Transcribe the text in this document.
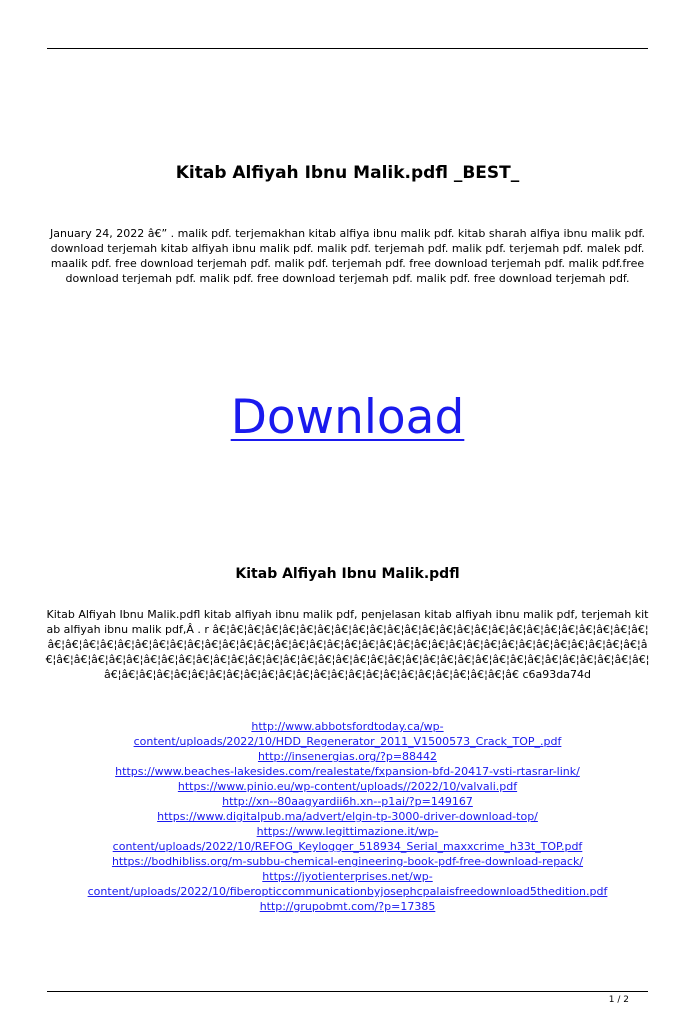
Kitab Alfiyah Ibnu Malik.pdfl _BEST_
January 24, 2022 â€” . malik pdf. terjemakhan kitab alfiya ibnu malik pdf. kitab sharah alfiya ibnu malik pdf. download terjemah kitab alfiyah ibnu malik pdf. malik pdf. terjemah pdf. malik pdf. terjemah pdf. malek pdf. maalik pdf. free download terjemah pdf. malik pdf. terjemah pdf. free download terjemah pdf. malik pdf.free download terjemah pdf. malik pdf. free download terjemah pdf. malik pdf. free download terjemah pdf.
Download
Kitab Alfiyah Ibnu Malik.pdfl
Kitab Alfiyah Ibnu Malik.pdfl kitab alfiyah ibnu malik pdf, penjelasan kitab alfiyah ibnu malik pdf, terjemah kitab alfiyah ibnu malik pdf,Â . r â€¦â€¦â€¦â€¦â€¦â€¦â€¦â€¦â€¦â€¦â€¦â€¦â€¦â€¦â€¦â€¦â€¦â€¦â€¦â€¦â€¦â€¦â€¦â€¦â€¦â€¦â€¦â€¦â€¦â€¦â€¦â€¦â€¦â€¦â€¦â€¦â€¦â€¦â€¦â€¦â€¦â€¦â€¦â€¦â€¦â€¦â€¦â€¦â€¦â€¦â€¦â€¦â€¦â€¦â€¦â€¦â€¦â€¦â€¦â€¦â€¦â€¦â€¦â€¦â€¦â€¦â€¦â€¦â€¦â€¦â€¦â€¦â€¦â€¦â€¦â€¦â€¦â€¦â€¦â€¦â€¦â€¦â€¦â€¦â€¦â€¦â€¦â€¦â€¦â€¦â€¦â€¦â€¦â€¦â€¦â€¦â€¦â€¦â€¦â€¦â€¦â€¦â€¦â€¦â€¦â€¦â€¦â€¦â€¦â€¦â€¦â€¦â€¦â€¦â€¦â€¦â€¦â€ c6a93da74d
http://www.abbotsfordtoday.ca/wp-content/uploads/2022/10/HDD_Regenerator_2011_V1500573_Crack_TOP_.pdf
http://insenergias.org/?p=88442
https://www.beaches-lakesides.com/realestate/fxpansion-bfd-20417-vsti-rtasrar-link/
https://www.pinio.eu/wp-content/uploads//2022/10/valvali.pdf
http://xn--80aagyardii6h.xn--p1ai/?p=149167
https://www.digitalpub.ma/advert/elgin-tp-3000-driver-download-top/
https://www.legittimazione.it/wp-content/uploads/2022/10/REFOG_Keylogger_518934_Serial_maxxcrime_h33t_TOP.pdf
https://bodhibliss.org/m-subbu-chemical-engineering-book-pdf-free-download-repack/
https://jyotienterprises.net/wp-content/uploads/2022/10/fiberopticcommunicationbyjosephcpalaisfreedownload5thedition.pdf
http://grupobmt.com/?p=17385
1 / 2
